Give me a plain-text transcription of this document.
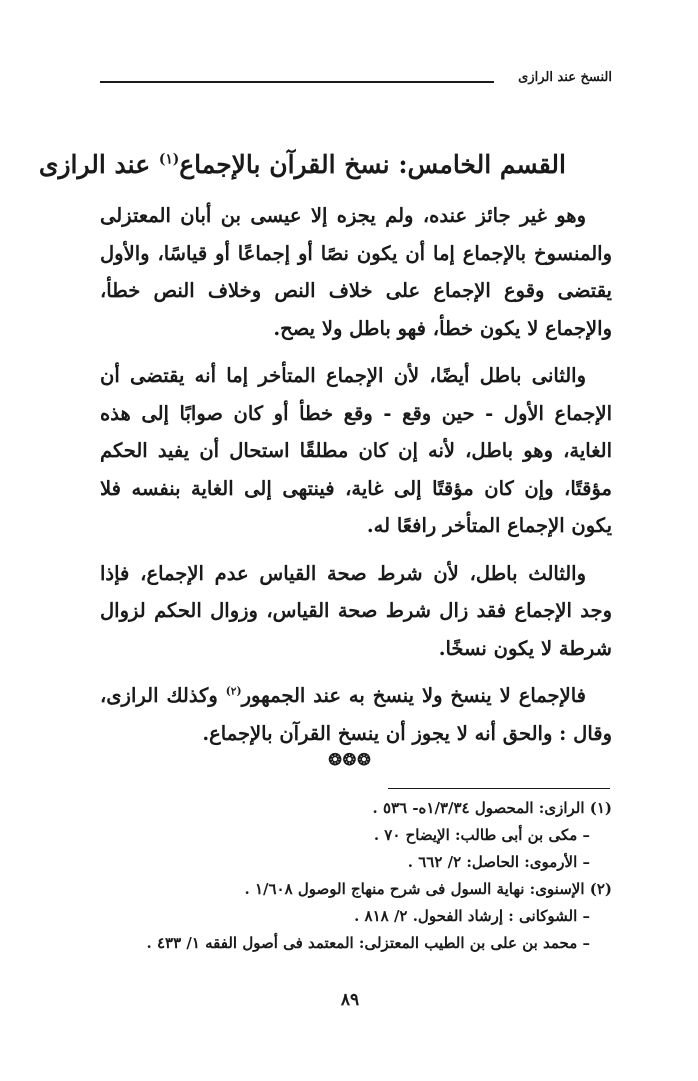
النسخ عند الرازى
القسم الخامس: نسخ القرآن بالإجماع$^{(١)}$ عند الرازى

وهو غير جائز عنده، ولم يجزه إلا عيسى بن أبان المعتزلى والمنسوخ بالإجماع إما أن يكون نصًا أو إجماعًا أو قياسًا، والأول يقتضى وقوع الإجماع على خلاف النص وخلاف النص خطأ، والإجماع لا يكون خطأ، فهو باطل ولا يصح.

والثانى باطل أيضًا، لأن الإجماع المتأخر إما أنه يقتضى أن الإجماع الأول - حين وقع - وقع خطأ أو كان صوابًا إلى هذه الغاية، وهو باطل، لأنه إن كان مطلقًا استحال أن يفيد الحكم مؤقتًا، وإن كان مؤقتًا إلى غاية، فينتهى إلى الغاية بنفسه فلا يكون الإجماع المتأخر رافعًا له.

والثالث باطل، لأن شرط صحة القياس عدم الإجماع، فإذا وجد الإجماع فقد زال شرط صحة القياس، وزوال الحكم لزوال شرطة لا يكون نسخًا.

فالإجماع لا ينسخ ولا ينسخ به عند الجمهور$^{(٢)}$ وكذلك الرازى، وقال : والحق أنه لا يجوز أن ينسخ القرآن بالإجماع.

❂❂❂
(١) الرازى: المحصول ١/٣/٣٤ه- ٥٣٦ .
– مكى بن أبى طالب: الإيضاح ٧٠ .
– الأرموى: الحاصل: ٢/ ٦٦٢ .
(٢) الإسنوى: نهاية السول فى شرح منهاج الوصول ١/٦٠٨ .
– الشوكانى : إرشاد الفحول. ٢/ ٨١٨ .
– محمد بن على بن الطيب المعتزلى: المعتمد فى أصول الفقه ١/ ٤٣٣ .
٨٩
